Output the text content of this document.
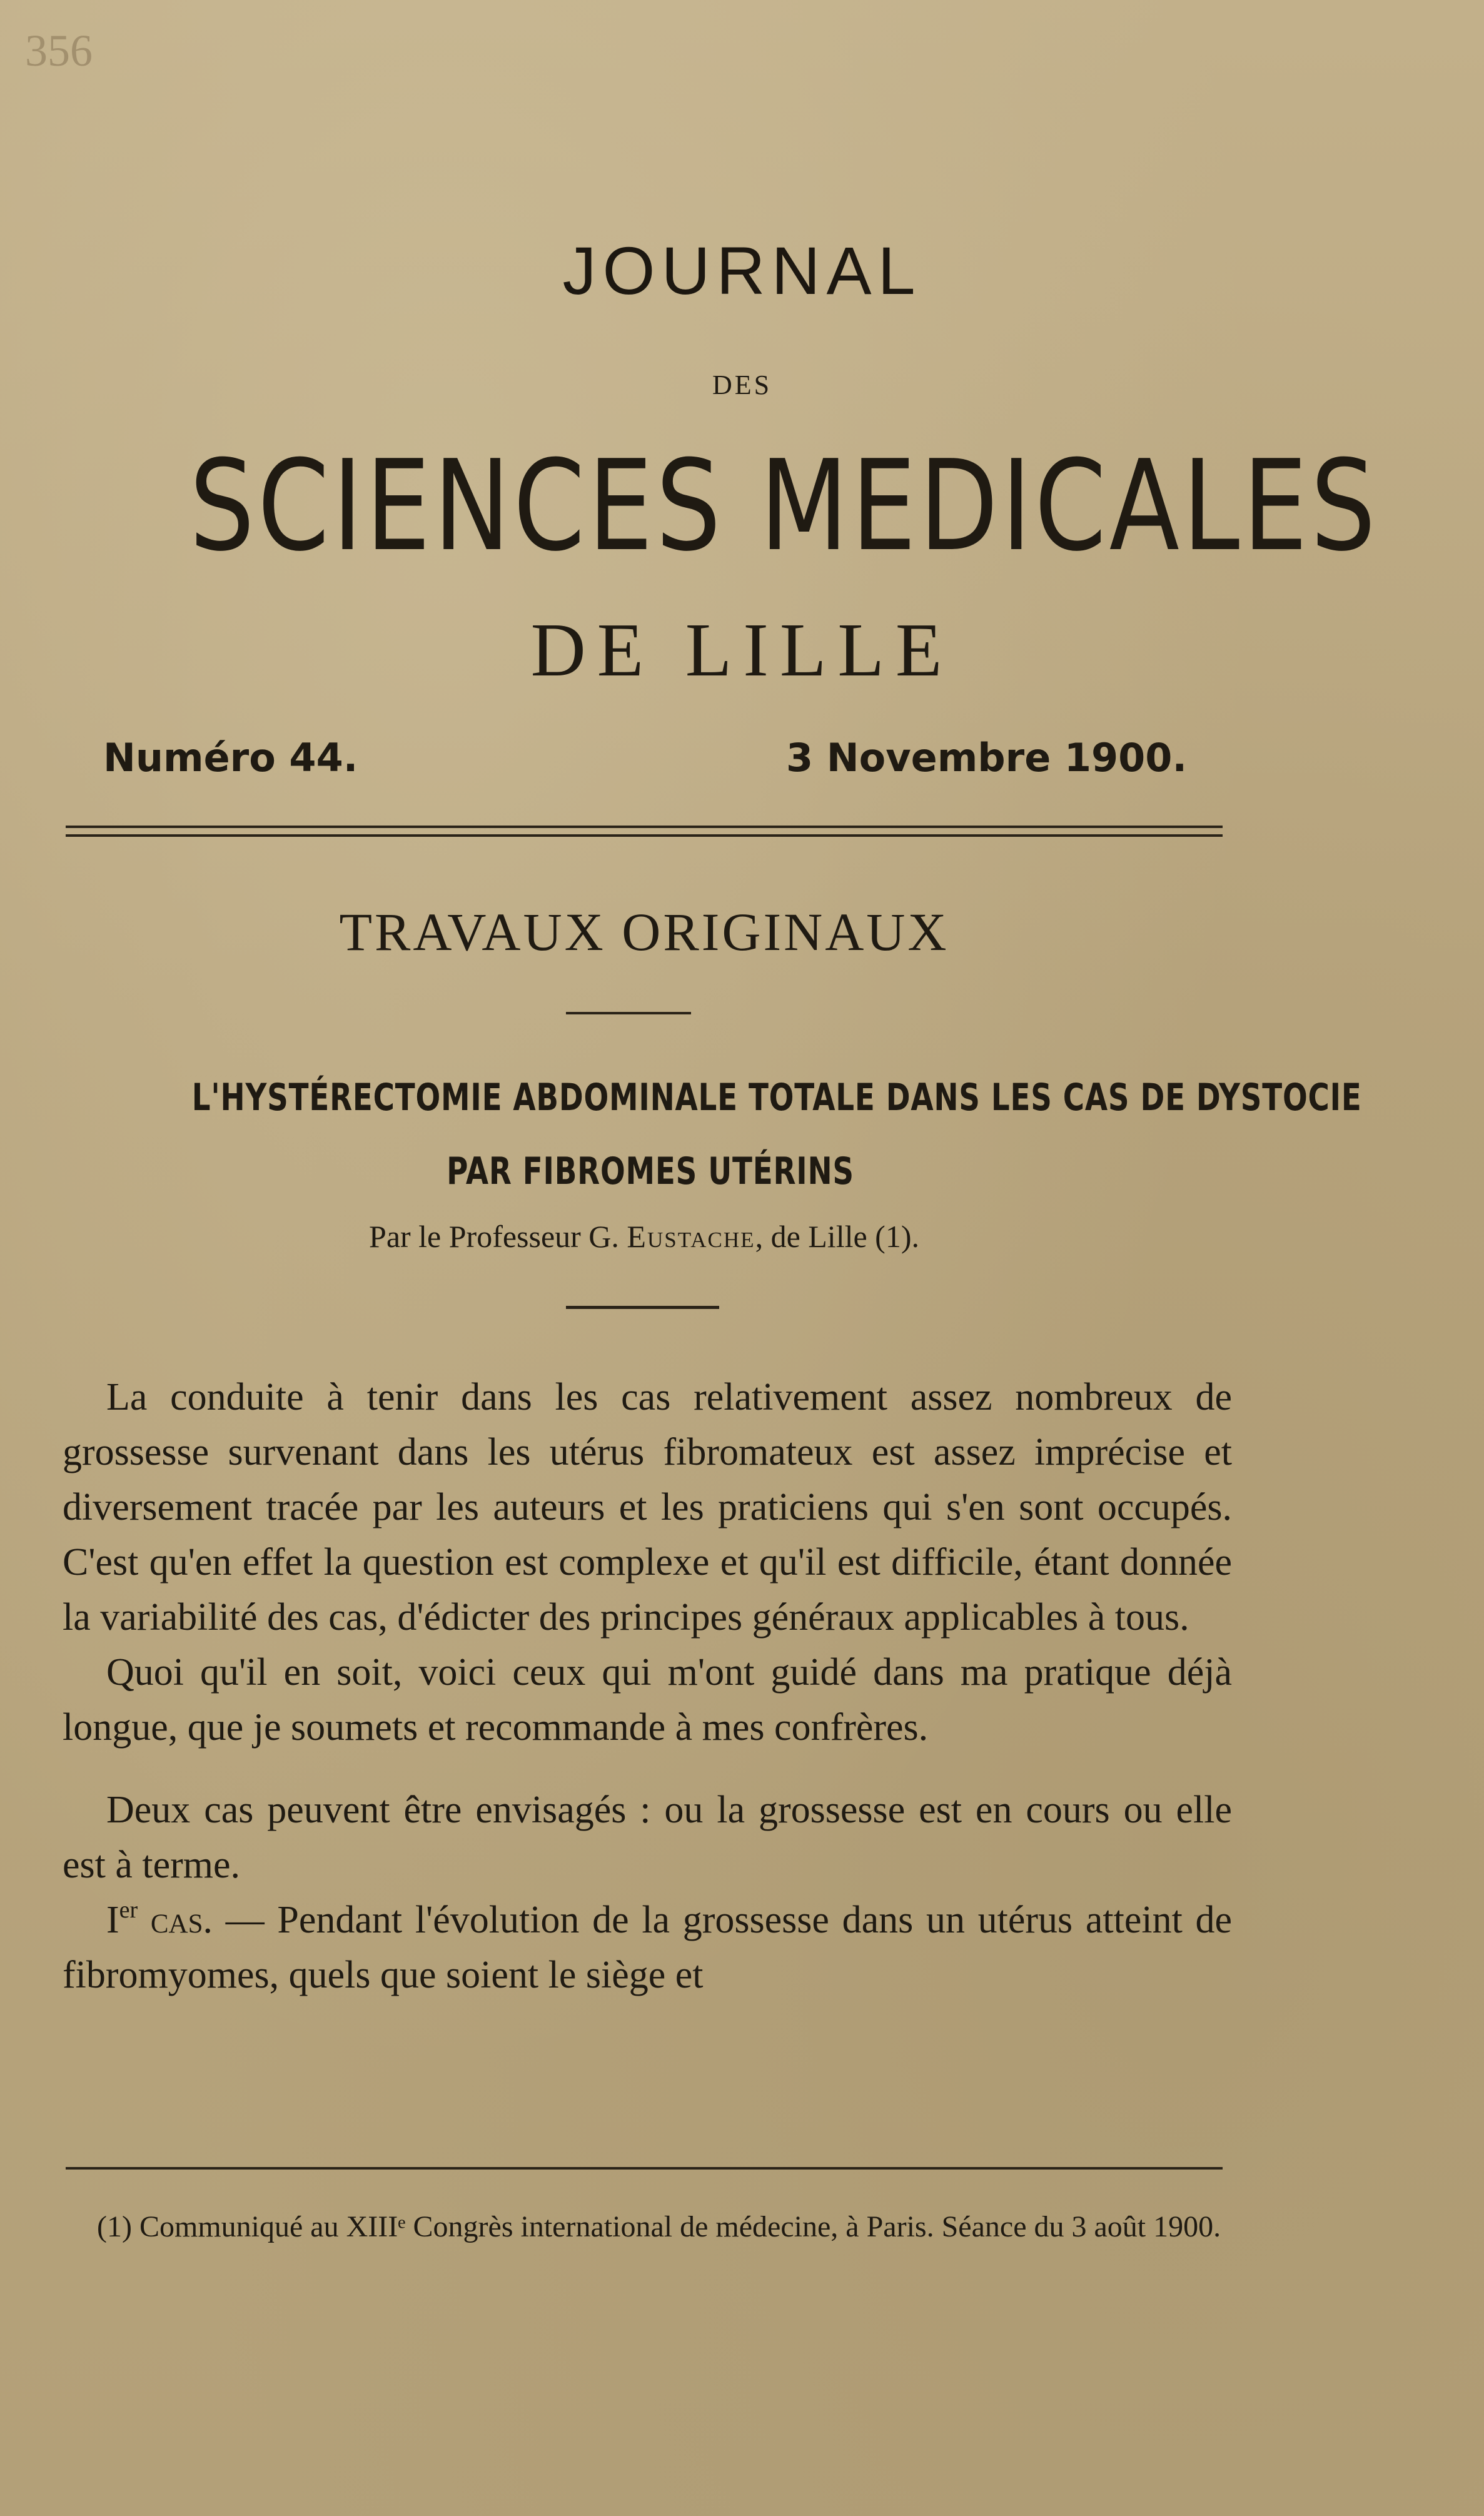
356
JOURNAL
DES
SCIENCES MEDICALES
DE LILLE
Numéro 44.	3 Novembre 1900.
TRAVAUX ORIGINAUX
L'HYSTÉRECTOMIE ABDOMINALE TOTALE DANS LES CAS DE DYSTOCIE
PAR FIBROMES UTÉRINS
Par le Professeur G. Eustache, de Lille (1).

La conduite à tenir dans les cas relativement assez nombreux de grossesse survenant dans les utérus fibromateux est assez imprécise et diversement tracée par les auteurs et les praticiens qui s'en sont occupés. C'est qu'en effet la question est complexe et qu'il est difficile, étant donnée la variabilité des cas, d'édicter des principes généraux applicables à tous.

Quoi qu'il en soit, voici ceux qui m'ont guidé dans ma pratique déjà longue, que je soumets et recommande à mes confrères.

Deux cas peuvent être envisagés : ou la grossesse est en cours ou elle est à terme.

Ier cas. — Pendant l'évolution de la grossesse dans un utérus atteint de fibromyomes, quels que soient le siège et

(1) Communiqué au XIIIᵉ Congrès international de médecine, à Paris. Séance du 3 août 1900.
